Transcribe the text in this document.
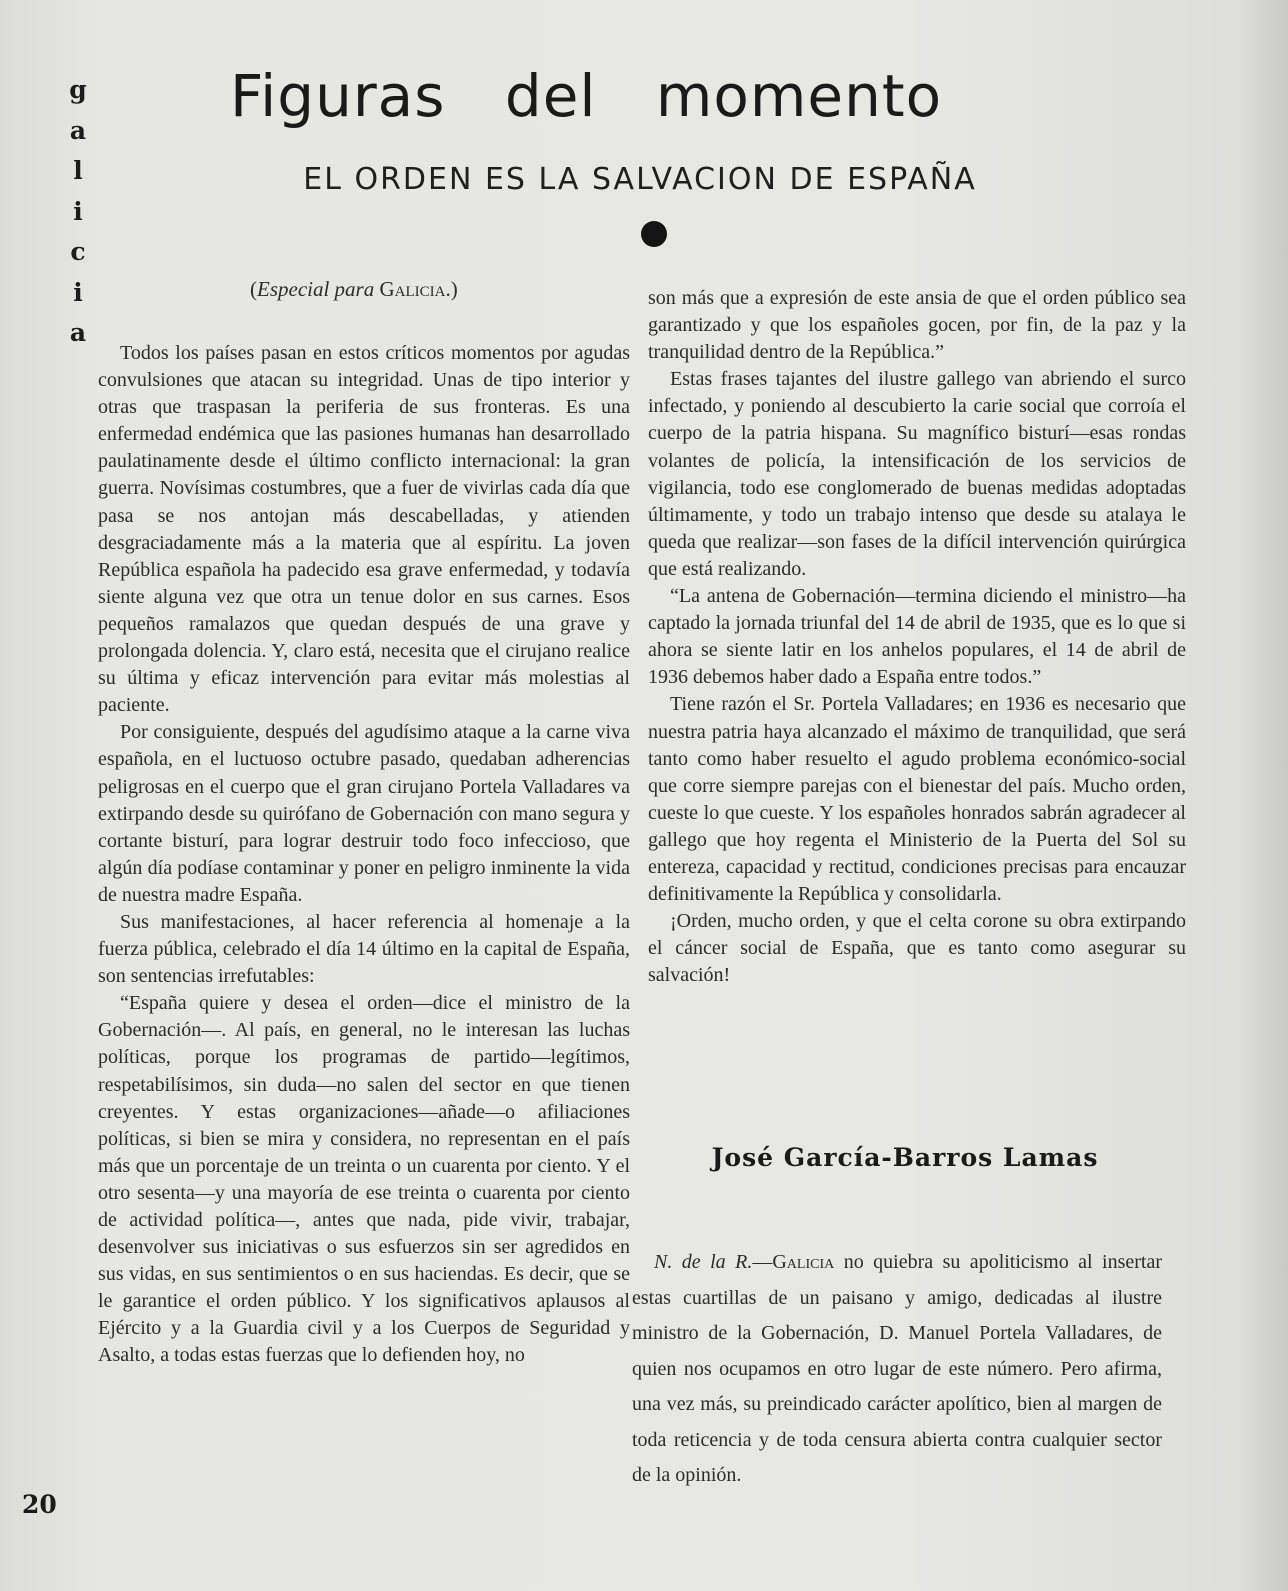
g
a
l
i
c
i
a
Figuras del momento
EL ORDEN ES LA SALVACION DE ESPAÑA
(Especial para Galicia.)

Todos los países pasan en estos críticos momentos por agudas convulsiones que atacan su integridad. Unas de tipo interior y otras que traspasan la periferia de sus fronteras. Es una enfermedad endémica que las pasiones humanas han desarrollado paulatinamente desde el último conflicto internacional: la gran guerra. Novísimas costumbres, que a fuer de vivirlas cada día que pasa se nos antojan más descabelladas, y atienden desgraciadamente más a la materia que al espíritu. La joven República española ha padecido esa grave enfermedad, y todavía siente alguna vez que otra un tenue dolor en sus carnes. Esos pequeños ramalazos que quedan después de una grave y prolongada dolencia. Y, claro está, necesita que el cirujano realice su última y eficaz intervención para evitar más molestias al paciente.

Por consiguiente, después del agudísimo ataque a la carne viva española, en el luctuoso octubre pasado, quedaban adherencias peligrosas en el cuerpo que el gran cirujano Portela Valladares va extirpando desde su quirófano de Gobernación con mano segura y cortante bisturí, para lograr destruir todo foco infeccioso, que algún día podíase contaminar y poner en peligro inminente la vida de nuestra madre España.

Sus manifestaciones, al hacer referencia al homenaje a la fuerza pública, celebrado el día 14 último en la capital de España, son sentencias irrefutables:

“España quiere y desea el orden—dice el ministro de la Gobernación—. Al país, en general, no le interesan las luchas políticas, porque los programas de partido—legítimos, respetabilísimos, sin duda—no salen del sector en que tienen creyentes. Y estas organizaciones—añade—o afiliaciones políticas, si bien se mira y considera, no representan en el país más que un porcentaje de un treinta o un cuarenta por ciento. Y el otro sesenta—y una mayoría de ese treinta o cuarenta por ciento de actividad política—, antes que nada, pide vivir, trabajar, desenvolver sus iniciativas o sus esfuerzos sin ser agredidos en sus vidas, en sus sentimientos o en sus haciendas. Es decir, que se le garantice el orden público. Y los significativos aplausos al Ejército y a la Guardia civil y a los Cuerpos de Seguridad y Asalto, a todas estas fuerzas que lo defienden hoy, no

son más que a expresión de este ansia de que el orden público sea garantizado y que los españoles gocen, por fin, de la paz y la tranquilidad dentro de la República.”

Estas frases tajantes del ilustre gallego van abriendo el surco infectado, y poniendo al descubierto la carie social que corroía el cuerpo de la patria hispana. Su magnífico bisturí—esas rondas volantes de policía, la intensificación de los servicios de vigilancia, todo ese conglomerado de buenas medidas adoptadas últimamente, y todo un trabajo intenso que desde su atalaya le queda que realizar—son fases de la difícil intervención quirúrgica que está realizando.

“La antena de Gobernación—termina diciendo el ministro—ha captado la jornada triunfal del 14 de abril de 1935, que es lo que si ahora se siente latir en los anhelos populares, el 14 de abril de 1936 debemos haber dado a España entre todos.”

Tiene razón el Sr. Portela Valladares; en 1936 es necesario que nuestra patria haya alcanzado el máximo de tranquilidad, que será tanto como haber resuelto el agudo problema económico-social que corre siempre parejas con el bienestar del país. Mucho orden, cueste lo que cueste. Y los españoles honrados sabrán agradecer al gallego que hoy regenta el Ministerio de la Puerta del Sol su entereza, capacidad y rectitud, condiciones precisas para encauzar definitivamente la República y consolidarla.

¡Orden, mucho orden, y que el celta corone su obra extirpando el cáncer social de España, que es tanto como asegurar su salvación!

José García-Barros Lamas

N. de la R.—Galicia no quiebra su apoliticismo al insertar estas cuartillas de un paisano y amigo, dedicadas al ilustre ministro de la Gobernación, D. Manuel Portela Valladares, de quien nos ocupamos en otro lugar de este número. Pero afirma, una vez más, su preindicado carácter apolítico, bien al margen de toda reticencia y de toda censura abierta contra cualquier sector de la opinión.

20
